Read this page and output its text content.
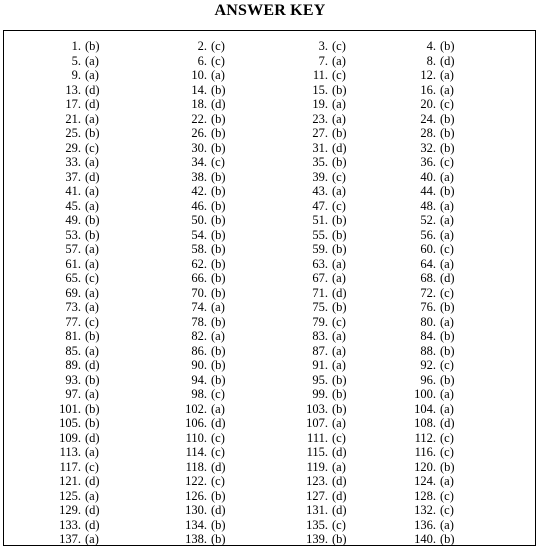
ANSWER KEY
1. (b)	2. (c)	3. (c)	4. (b)
5. (a)	6. (c)	7. (a)	8. (d)
9. (a)	10. (a)	11. (c)	12. (a)
13. (d)	14. (b)	15. (b)	16. (a)
17. (d)	18. (d)	19. (a)	20. (c)
21. (a)	22. (b)	23. (a)	24. (b)
25. (b)	26. (b)	27. (b)	28. (b)
29. (c)	30. (b)	31. (d)	32. (b)
33. (a)	34. (c)	35. (b)	36. (c)
37. (d)	38. (b)	39. (c)	40. (a)
41. (a)	42. (b)	43. (a)	44. (b)
45. (a)	46. (b)	47. (c)	48. (a)
49. (b)	50. (b)	51. (b)	52. (a)
53. (b)	54. (b)	55. (b)	56. (a)
57. (a)	58. (b)	59. (b)	60. (c)
61. (a)	62. (b)	63. (a)	64. (a)
65. (c)	66. (b)	67. (a)	68. (d)
69. (a)	70. (b)	71. (d)	72. (c)
73. (a)	74. (a)	75. (b)	76. (b)
77. (c)	78. (b)	79. (c)	80. (a)
81. (b)	82. (a)	83. (a)	84. (b)
85. (a)	86. (b)	87. (a)	88. (b)
89. (d)	90. (b)	91. (a)	92. (c)
93. (b)	94. (b)	95. (b)	96. (b)
97. (a)	98. (c)	99. (b)	100. (a)
101. (b)	102. (a)	103. (b)	104. (a)
105. (b)	106. (d)	107. (a)	108. (d)
109. (d)	110. (c)	111. (c)	112. (c)
113. (a)	114. (c)	115. (d)	116. (c)
117. (c)	118. (d)	119. (a)	120. (b)
121. (d)	122. (c)	123. (d)	124. (a)
125. (a)	126. (b)	127. (d)	128. (c)
129. (d)	130. (d)	131. (d)	132. (c)
133. (d)	134. (b)	135. (c)	136. (a)
137. (a)	138. (b)	139. (b)	140. (b)
